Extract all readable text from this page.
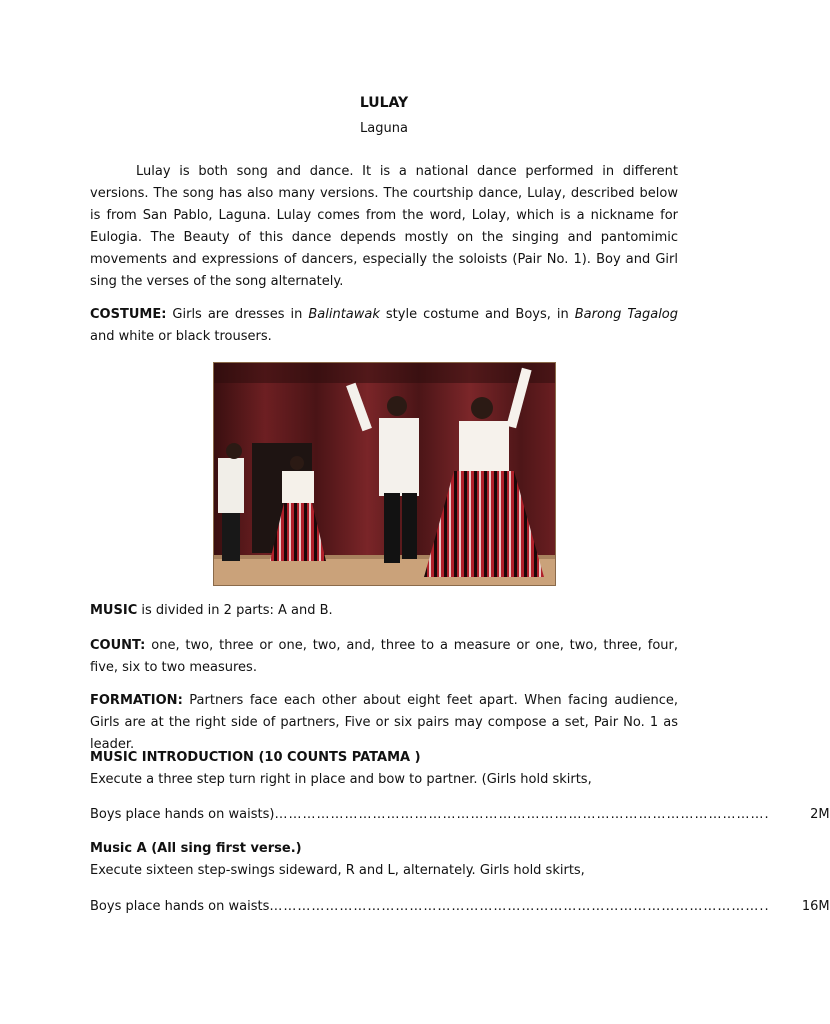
LULAY
Laguna

Lulay is both song and dance. It is a national dance performed in different versions. The song has also many versions. The courtship dance, Lulay, described below is from San Pablo, Laguna. Lulay comes from the word, Lolay, which is a nickname for Eulogia. The Beauty of this dance depends mostly on the singing and pantomimic movements and expressions of dancers, especially the soloists (Pair No. 1). Boy and Girl sing the verses of the song alternately.

COSTUME: Girls are dresses in Balintawak style costume and Boys, in Barong Tagalog and white or black trousers.

MUSIC is divided in 2 parts: A and B.

COUNT: one, two, three or one, two, and, three to a measure or one, two, three, four, five, six to two measures.

FORMATION: Partners face each other about eight feet apart. When facing audience, Girls are at the right side of partners, Five or six pairs may compose a set, Pair No. 1 as leader.

MUSIC INTRODUCTION (10 COUNTS PATAMA )

Execute a three step turn right in place and bow to partner. (Girls hold skirts,

Boys place hands on waists) …………………………………………………………………………………………….	2M

Music A (All sing first verse.)

Execute sixteen step-swings sideward, R and L, alternately. Girls hold skirts,

Boys place hands on waists ……………………………………………………………………………………………..	16M
